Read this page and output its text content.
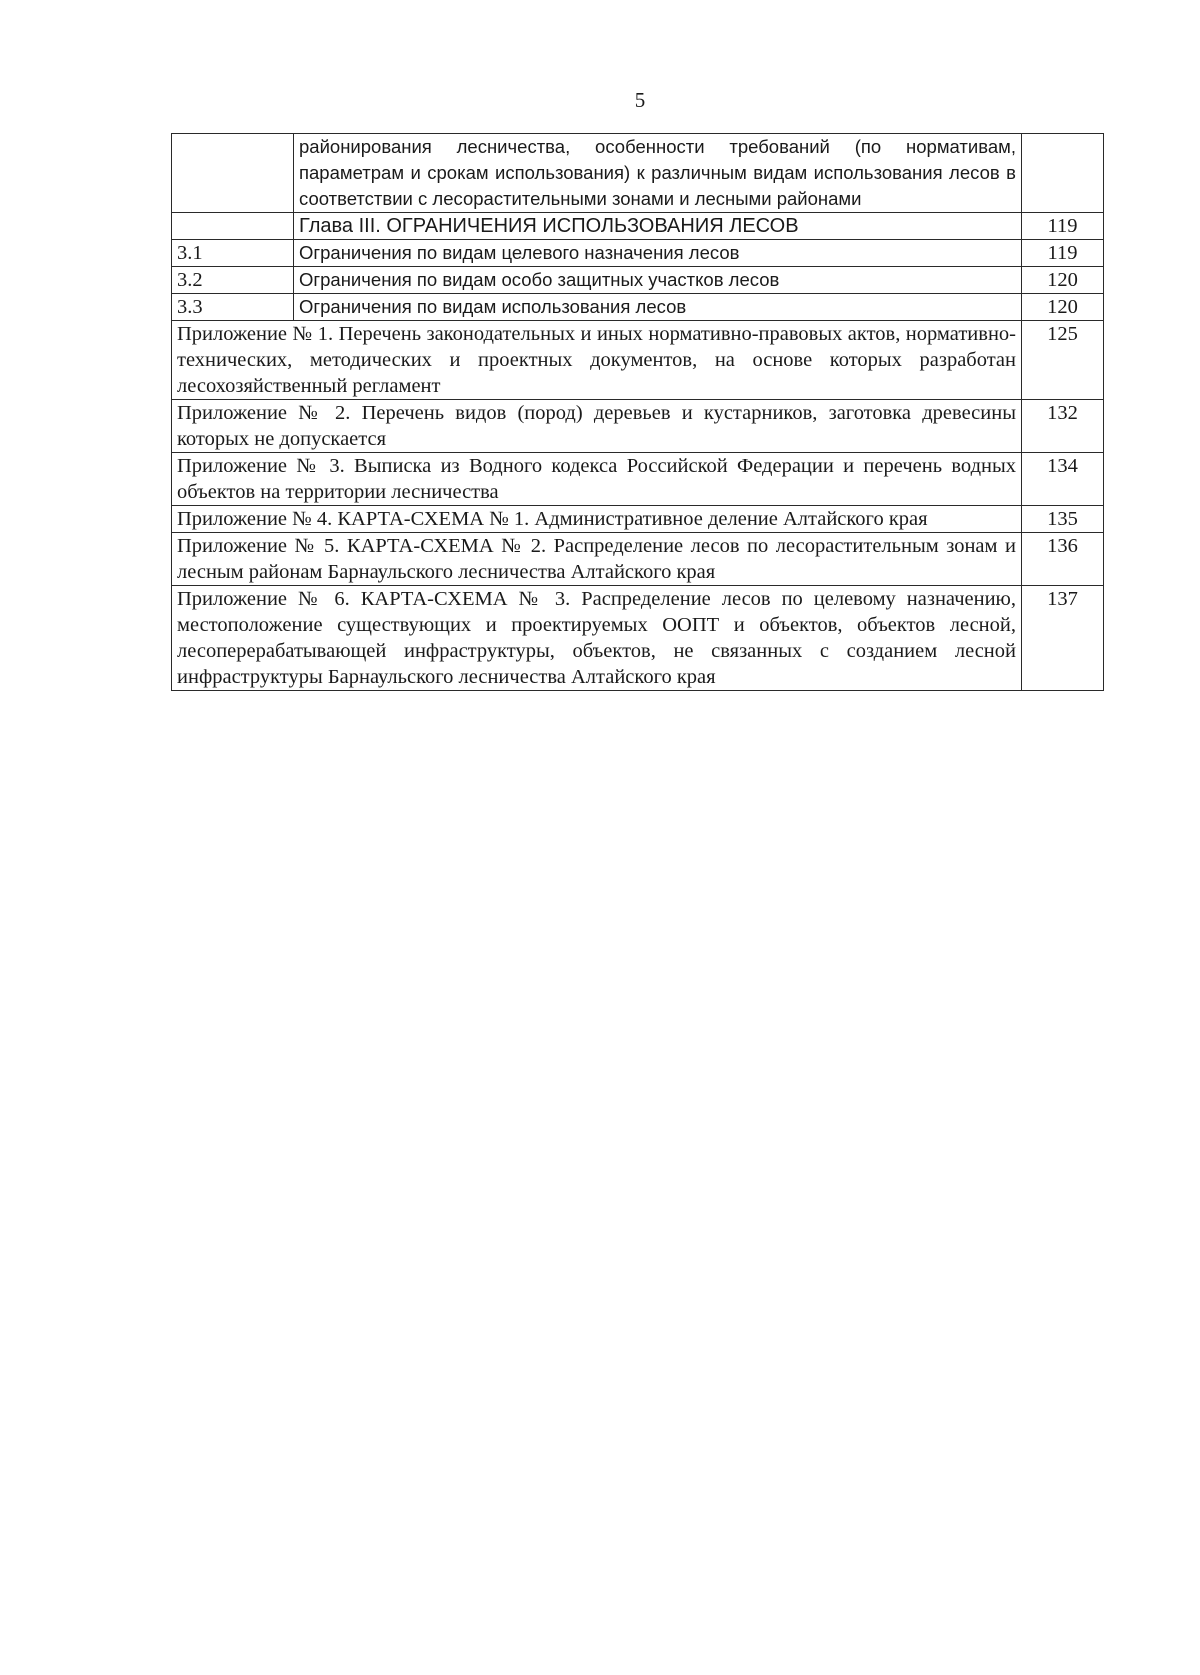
5
	районирования лесничества, особенности требований (по нормативам, параметрам и срокам использования) к различным видам использования лесов в соответствии с лесорастительными зонами и лесными районами	
	Глава III. ОГРАНИЧЕНИЯ ИСПОЛЬЗОВАНИЯ ЛЕСОВ	119
3.1	Ограничения по видам целевого назначения лесов	119
3.2	Ограничения по видам особо защитных участков лесов	120
3.3	Ограничения по видам использования лесов	120
Приложение № 1. Перечень законодательных и иных нормативно-правовых актов, нормативно-технических, методических и проектных документов, на основе которых разработан лесохозяйственный регламент		125
Приложение № 2. Перечень видов (пород) деревьев и кустарников, заготовка древесины которых не допускается		132
Приложение № 3. Выписка из Водного кодекса Российской Федерации и перечень водных объектов на территории лесничества		134
Приложение № 4. КАРТА-СХЕМА № 1. Административное деление Алтайского края		135
Приложение № 5. КАРТА-СХЕМА № 2. Распределение лесов по лесорастительным зонам и лесным районам Барнаульского лесничества Алтайского края		136
Приложение № 6. КАРТА-СХЕМА № 3. Распределение лесов по целевому назначению, местоположение существующих и проектируемых ООПТ и объектов, объектов лесной, лесоперерабатывающей инфраструктуры, объектов, не связанных с созданием лесной инфраструктуры Барнаульского лесничества Алтайского края		137
